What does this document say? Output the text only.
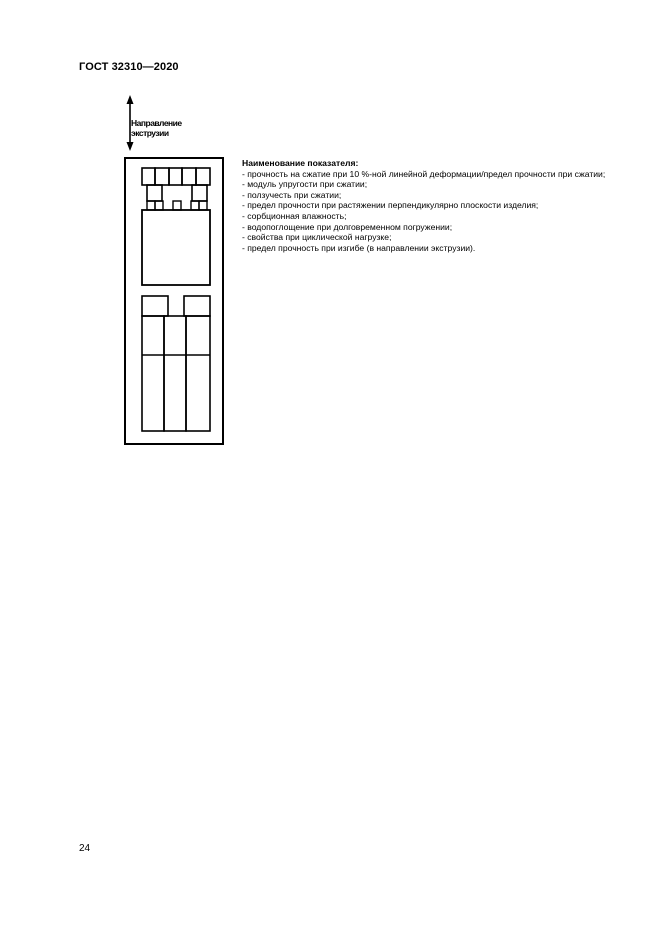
ГОСТ 32310—2020
Направление
экструзии
Наименование показателя:
- прочность на сжатие при 10 %-ной линейной деформации/предел прочности при сжатии;
- модуль упругости при сжатии;
- ползучесть при сжатии;
- предел прочности при растяжении перпендикулярно плоскости изделия;
- сорбционная влажность;
- водопоглощение при долговременном погружении;
- свойства при циклической нагрузке;
- предел прочность при изгибе (в направлении экструзии).
24
